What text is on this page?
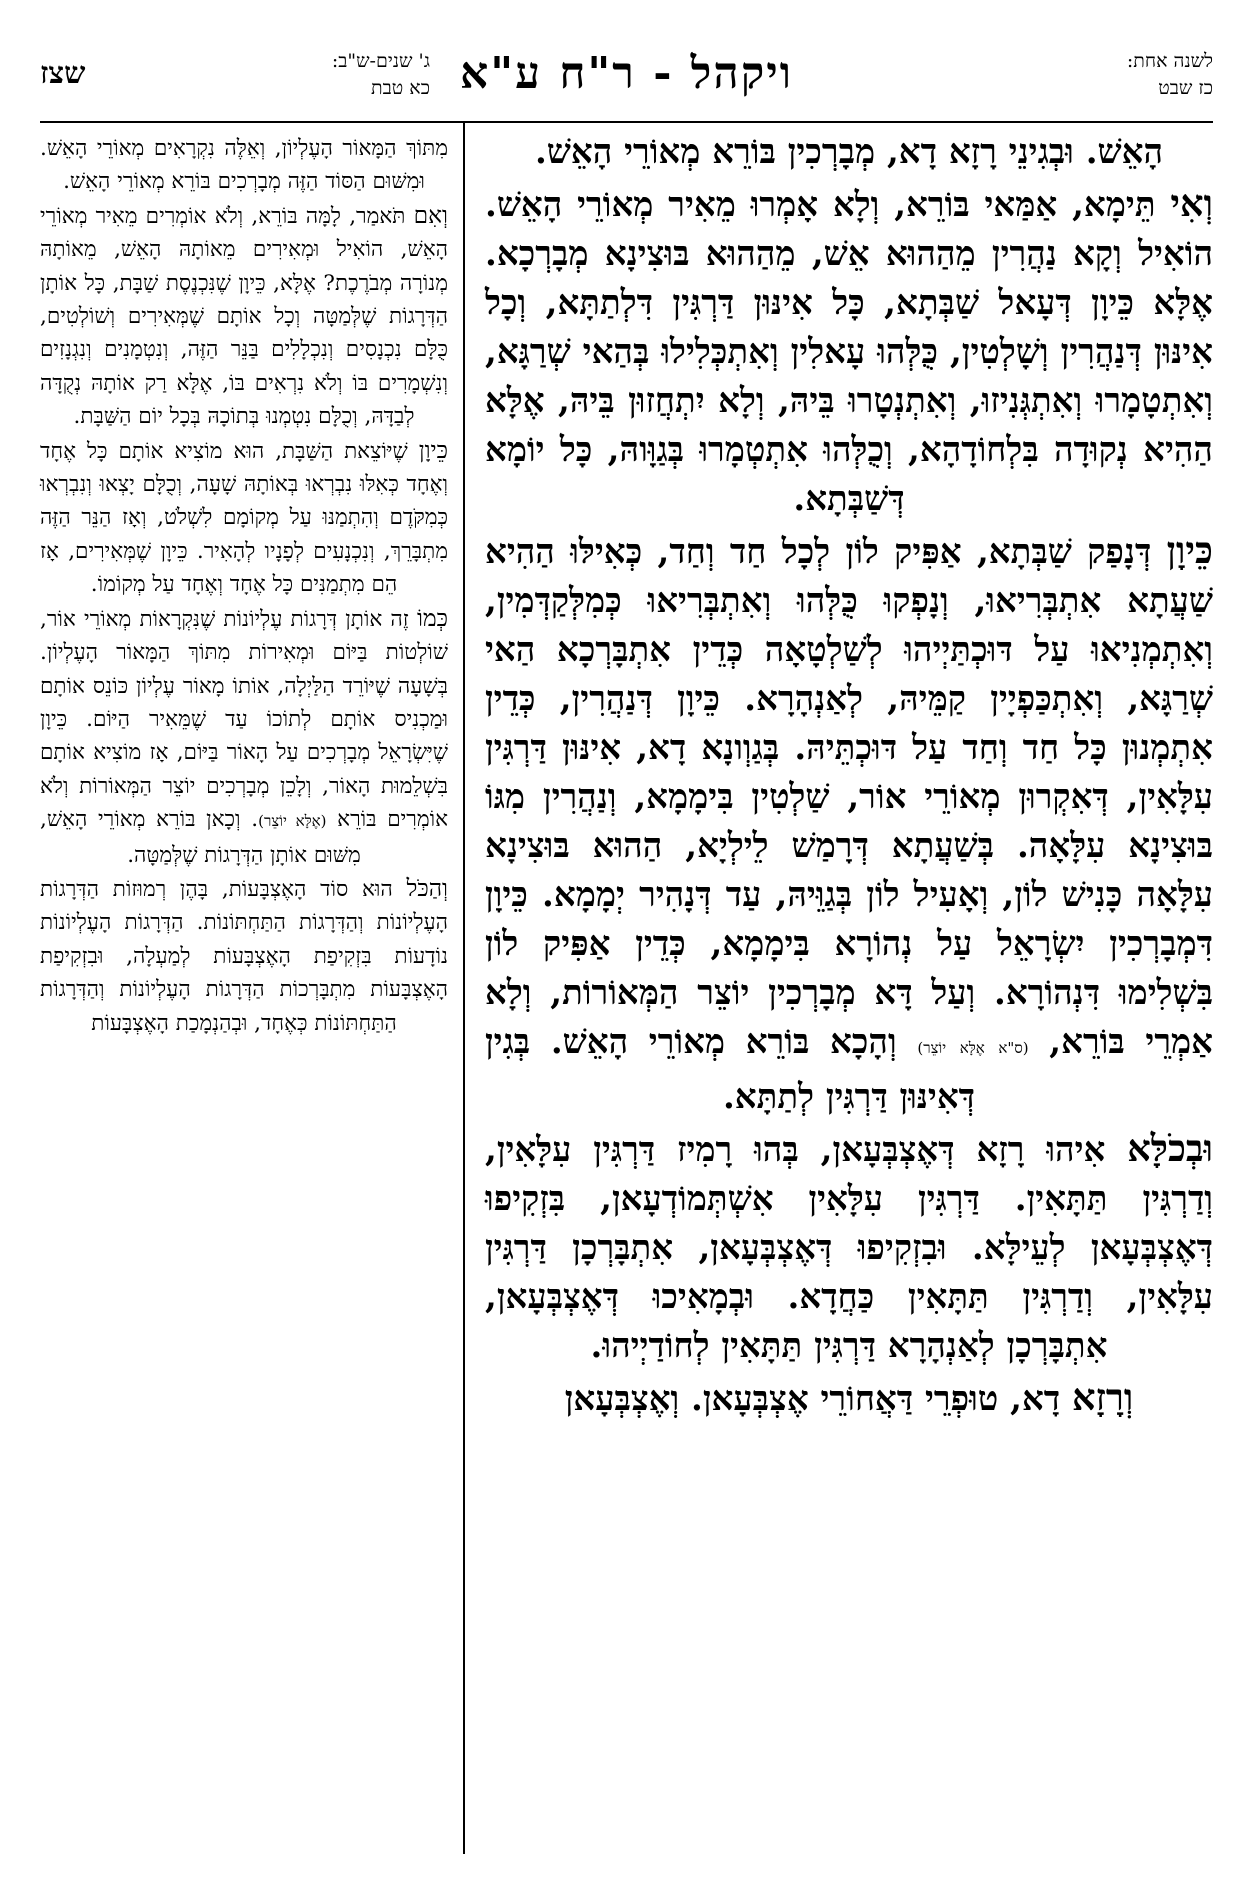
לשנה אחת:
כז שבט
ויקהל - ר"ח ע"א
שצז	ג' שנים-ש"ב:
כא טבת

הָאֵשׁ. וּבְגִינֵי רָזָא דָא, מְבָרְכִין בּוֹרֵא מְאוֹרֵי הָאֵשׁ.

וְאִי תֵּימָא, אַמַּאי בּוֹרֵא, וְלָא אָמְרוּ מֵאִיר מְאוֹרֵי הָאֵשׁ. הוֹאִיל וְקָא נַהֲרִין מֵהַהוּא אֵשׁ, מֵהַהוּא בּוּצִינָא מְבָרְכָא. אֶלָּא כֵּיוָן דְּעָאל שַׁבְּתָא, כָּל אִינּוּן דַּרְגִּין דִּלְתַתָּא, וְכָל אִינּוּן דְּנַהֲרִין וְשָׁלְטִין, כֻּלְּהוּ עָאלִין וְאִתְכְּלִילוּ בְּהַאי שְׁרַגָּא, וְאִתְטָמָרוּ וְאִתְגְּנִיזוּ, וְאִתְנְטָרוּ בֵּיהּ, וְלָא יִתְחֲזוּן בֵּיהּ, אֶלָּא הַהִיא נְקוּדָה בִּלְחוֹדָהָא, וְכֻלְּהוּ אִתְטְמָרוּ בְּגַוָּוהּ, כָּל יוֹמָא דְּשַׁבְּתָא.

כֵּיוָן דְּנָפַק שַׁבְּתָא, אַפִּיק לוֹן לְכָל חַד וְחַד, כְּאִילּוּ הַהִיא שַׁעֲתָא אִתְבְּרִיאוּ, וְנָפְקוּ כֻּלְּהוּ וְאִתְבְּרִיאוּ כְּמִלְּקַדְּמִין, וְאִתְמְנִיאוּ עַל דּוּכְתַּיְיהוּ לְשַׁלְטָאָה כְּדֵין אִתְבָּרְכָא הַאי שְׁרַגָּא, וְאִתְכַּפְיָין קַמֵּיהּ, לְאַנְהָרָא. כֵּיוָן דְּנַהֲרִין, כְּדֵין אִתְמְנוּן כָּל חַד וְחַד עַל דּוּכְתֵּיהּ. בְּגַוְונָא דָא, אִינּוּן דַּרְגִּין עִלָּאִין, דְּאִקְרוּן מְאוֹרֵי אוֹר, שַׁלְטִין בִּימָמָא, וְנַהֲרִין מִגּוֹ בּוּצִינָא עִלָּאָה. בְּשַׁעֲתָא דְּרָמַשׁ לֵילְיָא, הַהוּא בּוּצִינָא עִלָּאָה כָּנִישׁ לוֹן, וְאָעִיל לוֹן בְּגַוֵּיהּ, עַד דְּנָהִיר יְמָמָא. כֵּיוָן דִּמְבָרְכִין יִשְׂרָאֵל עַל נְהוֹרָא בִּימָמָא, כְּדֵין אַפִּיק לוֹן בִּשְׁלִימוּ דִּנְהוֹרָא. וְעַל דָּא מְבָרְכִין יוֹצֵר הַמְּאוֹרוֹת, וְלָא אַמְרֵי בּוֹרֵא, (ס"א אֶלָּא יוֹצֵר) וְהָכָא בּוֹרֵא מְאוֹרֵי הָאֵשׁ. בְּגִין דְּאִינּוּן דַּרְגִּין לְתַתָּא.

וּבְכֹלָּא אִיהוּ רָזָא דְּאֶצְבְּעָאן, בְּהוּ רָמִיז דַּרְגִּין עִלָּאִין, וְדַרְגִּין תַּתָּאִין. דַּרְגִּין עִלָּאִין אִשְׁתְּמוֹדְעָאן, בִּזְקִיפוּ דְּאֶצְבְּעָאן לְעֵילָּא. וּבִזְקִיפוּ דְּאֶצְבְּעָאן, אִתְבָּרְכָן דַּרְגִּין עִלָּאִין, וְדַרְגִּין תַּתָּאִין כַּחֲדָא. וּבְמָאִיכוּ דְּאֶצְבְּעָאן, אִתְבָּרְכָן לְאַנְהָרָא דַּרְגִּין תַּתָּאִין לְחוֹדַיְיהוּ.

וְרָזָא דָא, טוּפְרֵי דַּאֲחוֹרֵי אֶצְבְּעָאן. וְאֶצְבְּעָאן

מִתּוֹךְ הַמָּאוֹר הָעֶלְיוֹן, וְאֵלֶּה נִקְרָאִים מְאוֹרֵי הָאֵשׁ. וּמִשּׁוּם הַסּוֹד הַזֶּה מְבָרְכִים בּוֹרֵא מְאוֹרֵי הָאֵשׁ.

וְאִם תֹּאמַר, לָמָּה בּוֹרֵא, וְלֹא אוֹמְרִים מֵאִיר מְאוֹרֵי הָאֵשׁ, הוֹאִיל וּמְאִירִים מֵאוֹתָהּ הָאֵשׁ, מֵאוֹתָהּ מְנוֹרָה מְבֹרֶכֶת? אֶלָּא, כֵּיוָן שֶׁנִּכְנֶסֶת שַׁבָּת, כָּל אוֹתָן הַדְּרָגוֹת שֶׁלְּמַטָּה וְכָל אוֹתָם שֶׁמְּאִירִים וְשׁוֹלְטִים, כֻּלָּם נִכְנָסִים וְנִכְלָלִים בַּנֵּר הַזֶּה, וְנִטְמָנִים וְנִגְנָזִים וְנִשְׁמָרִים בּוֹ וְלֹא נִרְאִים בּוֹ, אֶלָּא רַק אוֹתָהּ נְקֻדָּה לְבַדָּהּ, וְכֻלָּם נִטְמְנוּ בְּתוֹכָהּ בְּכָל יוֹם הַשַּׁבָּת.

כֵּיוָן שֶׁיּוֹצֵאת הַשַּׁבָּת, הוּא מוֹצִיא אוֹתָם כָּל אֶחָד וְאֶחָד כְּאִלּוּ נִבְרְאוּ בְּאוֹתָהּ שָׁעָה, וְכֻלָּם יָצְאוּ וְנִבְרְאוּ כְּמִקֹּדֶם וְהִתְמַנּוּ עַל מְקוֹמָם לִשְׁלֹט, וְאָז הַנֵּר הַזֶּה מִתְבָּרֵךְ, וְנִכְנָעִים לְפָנָיו לְהָאִיר. כֵּיוָן שֶׁמְּאִירִים, אָז הֵם מִתְמַנִּים כָּל אֶחָד וְאֶחָד עַל מְקוֹמוֹ.

כְּמוֹ זֶה אוֹתָן דְּרָגוֹת עֶלְיוֹנוֹת שֶׁנִּקְרָאוֹת מְאוֹרֵי אוֹר, שׁוֹלְטוֹת בַּיּוֹם וּמְאִירוֹת מִתּוֹךְ הַמָּאוֹר הָעֶלְיוֹן. בְּשָׁעָה שֶׁיּוֹרֵד הַלַּיְלָה, אוֹתוֹ מָאוֹר עֶלְיוֹן כּוֹנֵס אוֹתָם וּמַכְנִיס אוֹתָם לְתוֹכוֹ עַד שֶׁמֵּאִיר הַיּוֹם. כֵּיוָן שֶׁיִּשְׂרָאֵל מְבָרְכִים עַל הָאוֹר בַּיּוֹם, אָז מוֹצִיא אוֹתָם בִּשְׁלֵמוּת הָאוֹר, וְלָכֵן מְבָרְכִים יוֹצֵר הַמְּאוֹרוֹת וְלֹא אוֹמְרִים בּוֹרֵא (אֶלָּא יוֹצֵר). וְכָאן בּוֹרֵא מְאוֹרֵי הָאֵשׁ, מִשּׁוּם אוֹתָן הַדְּרָגוֹת שֶׁלְּמַטָּה.

וְהַכֹּל הוּא סוֹד הָאֶצְבָּעוֹת, בָּהֶן רְמוּזוֹת הַדְּרָגוֹת הָעֶלְיוֹנוֹת וְהַדְּרָגוֹת הַתַּחְתּוֹנוֹת. הַדְּרָגוֹת הָעֶלְיוֹנוֹת נוֹדָעוֹת בִּזְקִיפַת הָאֶצְבָּעוֹת לְמַעְלָה, וּבִזְקִיפַת הָאֶצְבָּעוֹת מִתְבָּרְכוֹת הַדְּרָגוֹת הָעֶלְיוֹנוֹת וְהַדְּרָגוֹת הַתַּחְתּוֹנוֹת כְּאֶחָד, וּבְהַנְמָכַת הָאֶצְבָּעוֹת
